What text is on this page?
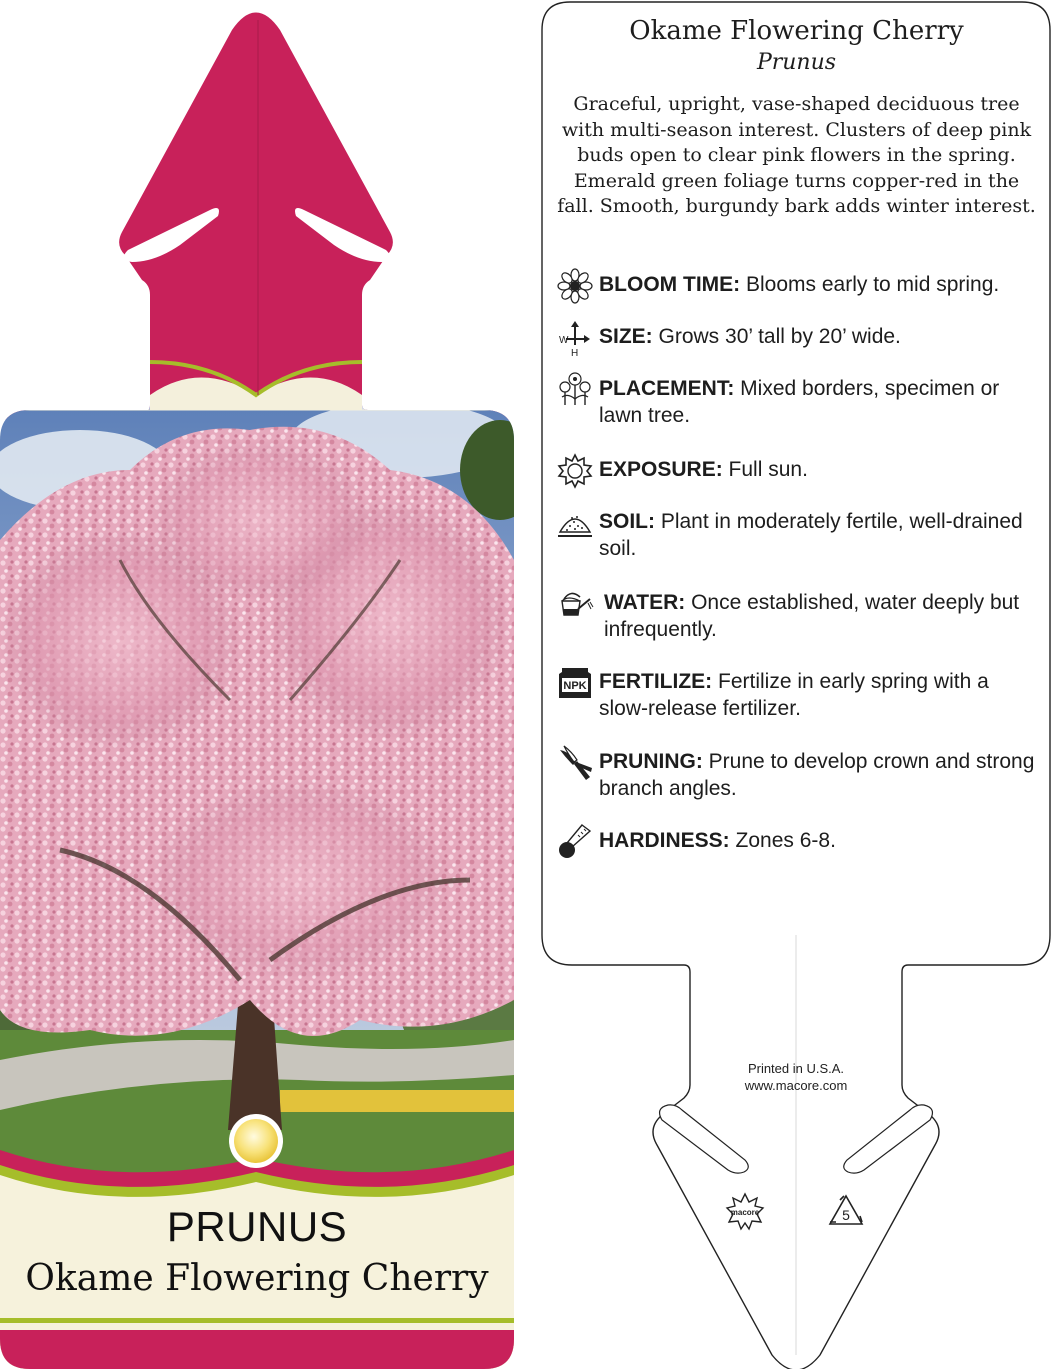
PRUNUS
Okame Flowering Cherry
Okame Flowering Cherry
Prunus
Graceful, upright, vase-shaped deciduous tree with multi-season interest. Clusters of deep pink buds open to clear pink flowers in the spring. Emerald green foliage turns copper-red in the fall. Smooth, burgundy bark adds winter interest.
BLOOM TIME: Blooms early to mid spring.
W
H
SIZE: Grows 30’ tall by 20’ wide.
PLACEMENT: Mixed borders, specimen or lawn tree.
EXPOSURE: Full sun.
SOIL: Plant in moderately fertile, well-drained soil.
WATER: Once established, water deeply but infrequently.
NPK FERTILIZE: Fertilize in early spring with a slow-release fertilizer.
PRUNING: Prune to develop crown and strong branch angles.
HARDINESS: Zones 6-8.
Printed in U.S.A.
www.macore.com
macore	5
